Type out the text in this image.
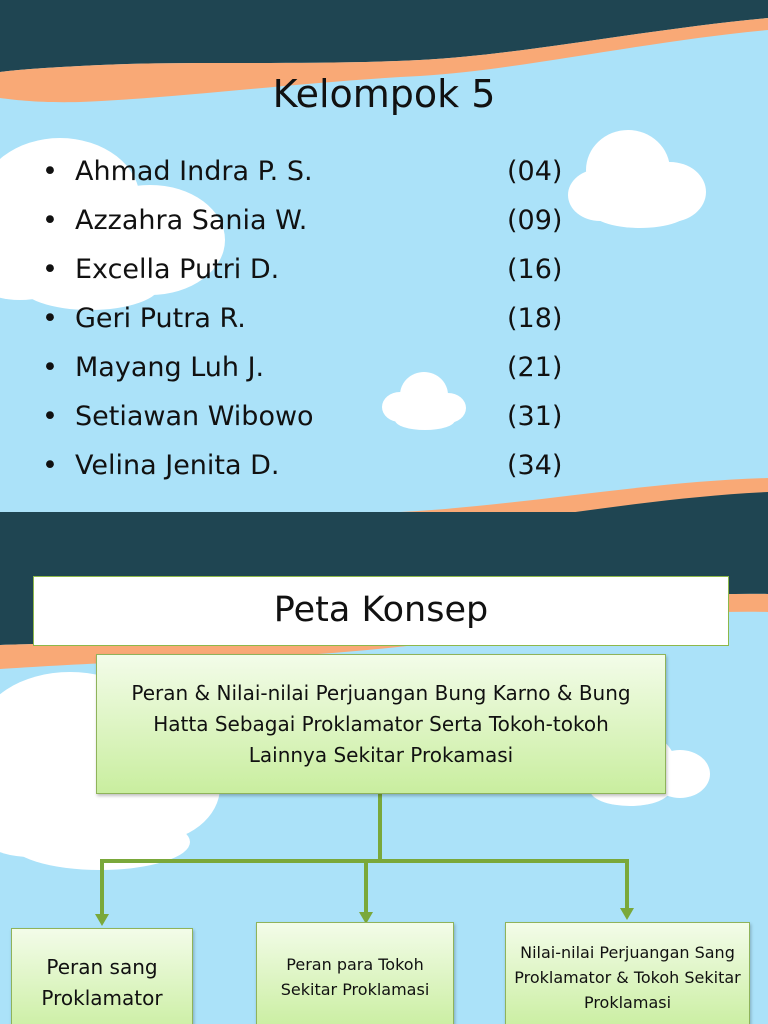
Kelompok 5
• Ahmad Indra P. S.	(04)
• Azzahra Sania W.	(09)
• Excella Putri D.	(16)
• Geri Putra R.	(18)
• Mayang Luh J.	(21)
• Setiawan Wibowo	(31)
• Velina Jenita D.	(34)
Peta Konsep
Peran & Nilai-nilai Perjuangan Bung Karno & Bung Hatta Sebagai Proklamator Serta Tokoh-tokoh Lainnya Sekitar Prokamasi
Peran sang Proklamator
Peran para Tokoh Sekitar Proklamasi
Nilai-nilai Perjuangan Sang Proklamator & Tokoh Sekitar Proklamasi
